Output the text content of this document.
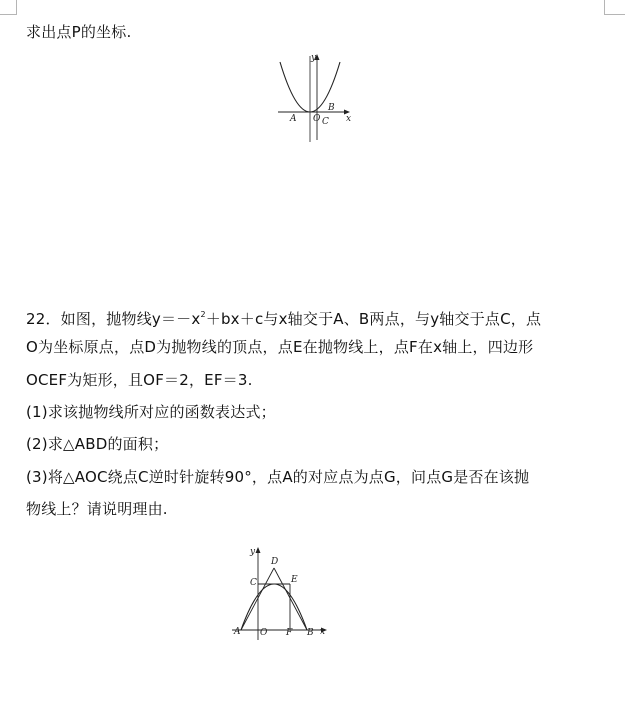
求出点P的坐标.
y
x
A O
B
C
22．如图，抛物线$y=-x^2+bx+c$与x轴交于A、B两点，与y轴交于点C，点
O为坐标原点，点D为抛物线的顶点，点E在抛物线上，点F在x轴上，四边形
OCEF为矩形，且OF＝2，EF＝3.
(1)求该抛物线所对应的函数表达式；
(2)求△ABD的面积；
(3)将△AOC绕点C逆时针旋转90°，点A的对应点为点G，问点G是否在该抛
物线上？请说明理由.
y
x
D
C	E
A O F B
